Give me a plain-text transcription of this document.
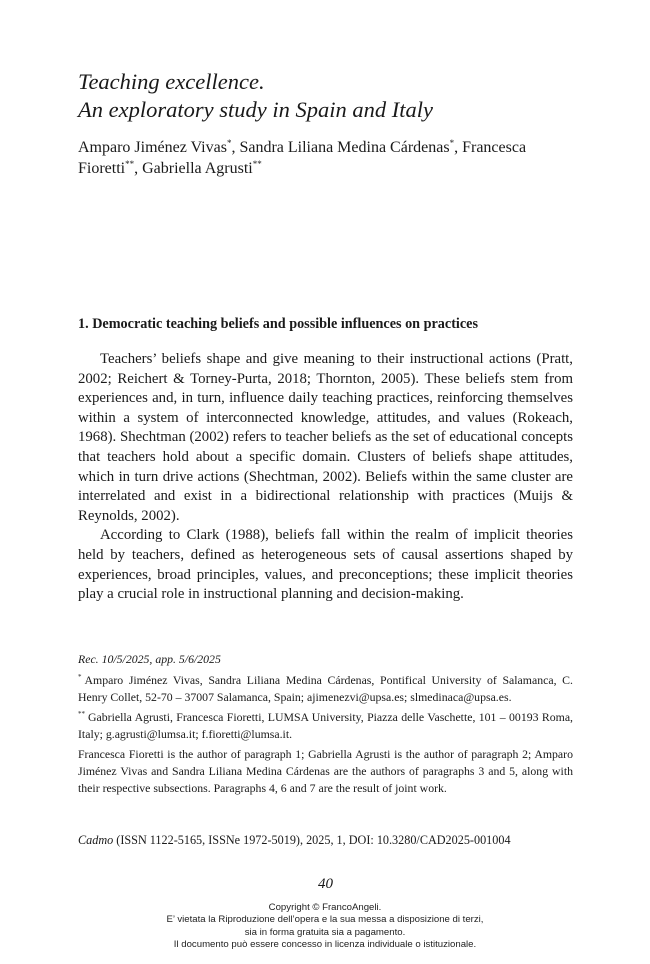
Teaching excellence.
An exploratory study in Spain and Italy

Amparo Jiménez Vivas*, Sandra Liliana Medina Cárdenas*, Francesca Fioretti**, Gabriella Agrusti**

1. Democratic teaching beliefs and possible influences on practices

Teachers’ beliefs shape and give meaning to their instructional actions (Pratt, 2002; Reichert & Torney-Purta, 2018; Thornton, 2005). These beliefs stem from experiences and, in turn, influence daily teaching practices, reinforcing themselves within a system of interconnected knowledge, attitudes, and values (Rokeach, 1968). Shechtman (2002) refers to teacher beliefs as the set of educational concepts that teachers hold about a specific domain. Clusters of beliefs shape attitudes, which in turn drive actions (Shechtman, 2002). Beliefs within the same cluster are interrelated and exist in a bidirectional relationship with practices (Muijs & Reynolds, 2002).

According to Clark (1988), beliefs fall within the realm of implicit theories held by teachers, defined as heterogeneous sets of causal assertions shaped by experiences, broad principles, values, and preconceptions; these implicit theories play a crucial role in instructional planning and decision-making.

Rec. 10/5/2025, app. 5/6/2025

* Amparo Jiménez Vivas, Sandra Liliana Medina Cárdenas, Pontifical University of Salamanca, C. Henry Collet, 52-70 – 37007 Salamanca, Spain; ajimenezvi@upsa.es; slmedinaca@upsa.es.

** Gabriella Agrusti, Francesca Fioretti, LUMSA University, Piazza delle Vaschette, 101 – 00193 Roma, Italy; g.agrusti@lumsa.it; f.fioretti@lumsa.it.

Francesca Fioretti is the author of paragraph 1; Gabriella Agrusti is the author of paragraph 2; Amparo Jiménez Vivas and Sandra Liliana Medina Cárdenas are the authors of paragraphs 3 and 5, along with their respective subsections. Paragraphs 4, 6 and 7 are the result of joint work.

Cadmo (ISSN 1122-5165, ISSNe 1972-5019), 2025, 1, DOI: 10.3280/CAD2025-001004

40

Copyright © FrancoAngeli.
E’ vietata la Riproduzione dell’opera e la sua messa a disposizione di terzi,
sia in forma gratuita sia a pagamento.
Il documento può essere concesso in licenza individuale o istituzionale.
